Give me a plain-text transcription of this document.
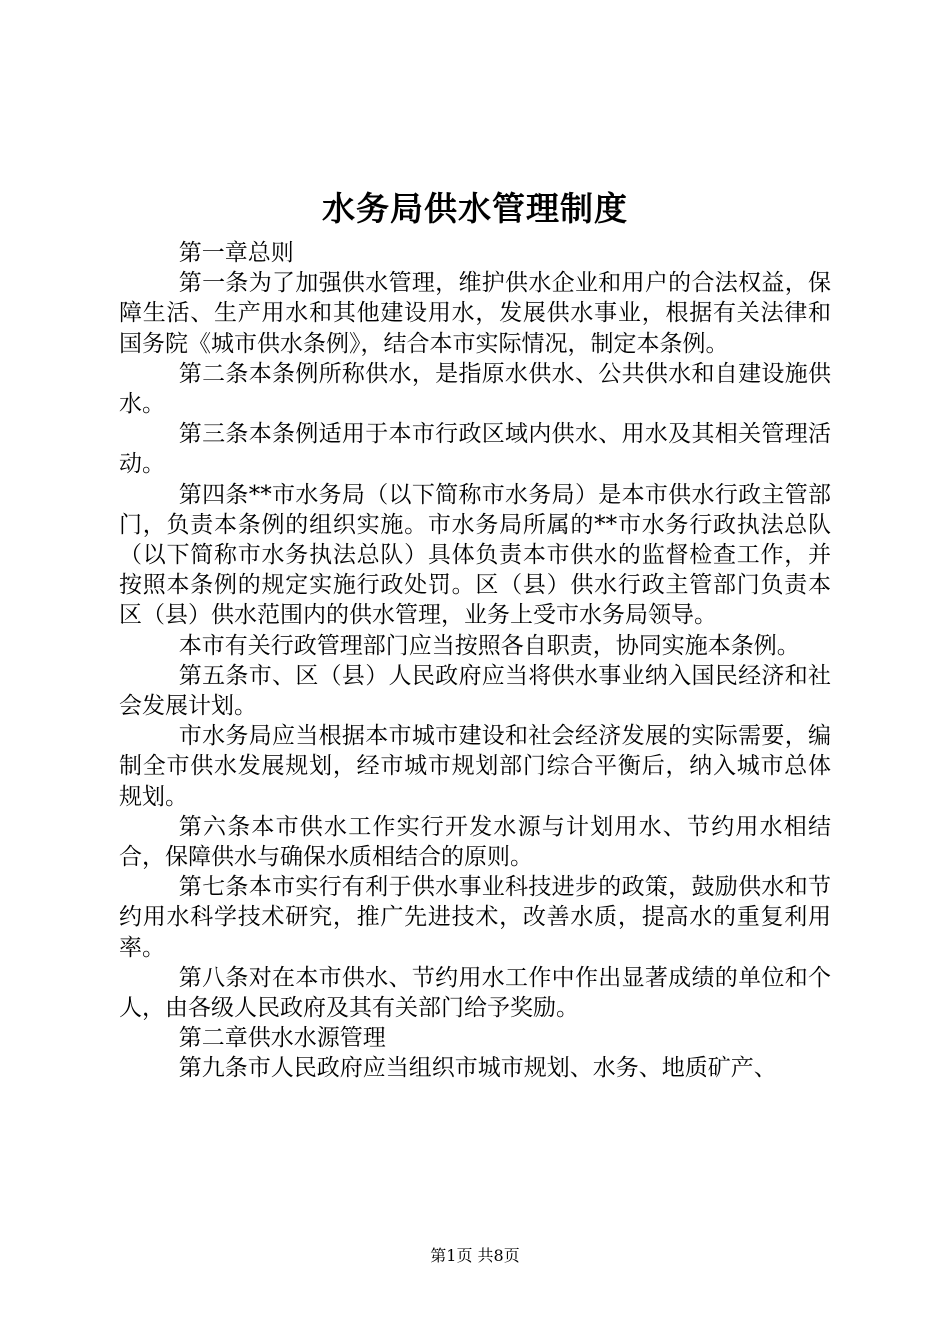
水务局供水管理制度

第一章总则

第一条为了加强供水管理，维护供水企业和用户的合法权益，保障生活、生产用水和其他建设用水，发展供水事业，根据有关法律和国务院《城市供水条例》，结合本市实际情况，制定本条例。

第二条本条例所称供水，是指原水供水、公共供水和自建设施供水。

第三条本条例适用于本市行政区域内供水、用水及其相关管理活动。

第四条**市水务局（以下简称市水务局）是本市供水行政主管部门，负责本条例的组织实施。市水务局所属的**市水务行政执法总队（以下简称市水务执法总队）具体负责本市供水的监督检查工作，并按照本条例的规定实施行政处罚。区（县）供水行政主管部门负责本区（县）供水范围内的供水管理，业务上受市水务局领导。

本市有关行政管理部门应当按照各自职责，协同实施本条例。

第五条市、区（县）人民政府应当将供水事业纳入国民经济和社会发展计划。

市水务局应当根据本市城市建设和社会经济发展的实际需要，编制全市供水发展规划，经市城市规划部门综合平衡后，纳入城市总体规划。

第六条本市供水工作实行开发水源与计划用水、节约用水相结合，保障供水与确保水质相结合的原则。

第七条本市实行有利于供水事业科技进步的政策，鼓励供水和节约用水科学技术研究，推广先进技术，改善水质，提高水的重复利用率。

第八条对在本市供水、节约用水工作中作出显著成绩的单位和个人，由各级人民政府及其有关部门给予奖励。

第二章供水水源管理

第九条市人民政府应当组织市城市规划、水务、地质矿产、

第1页 共8页
